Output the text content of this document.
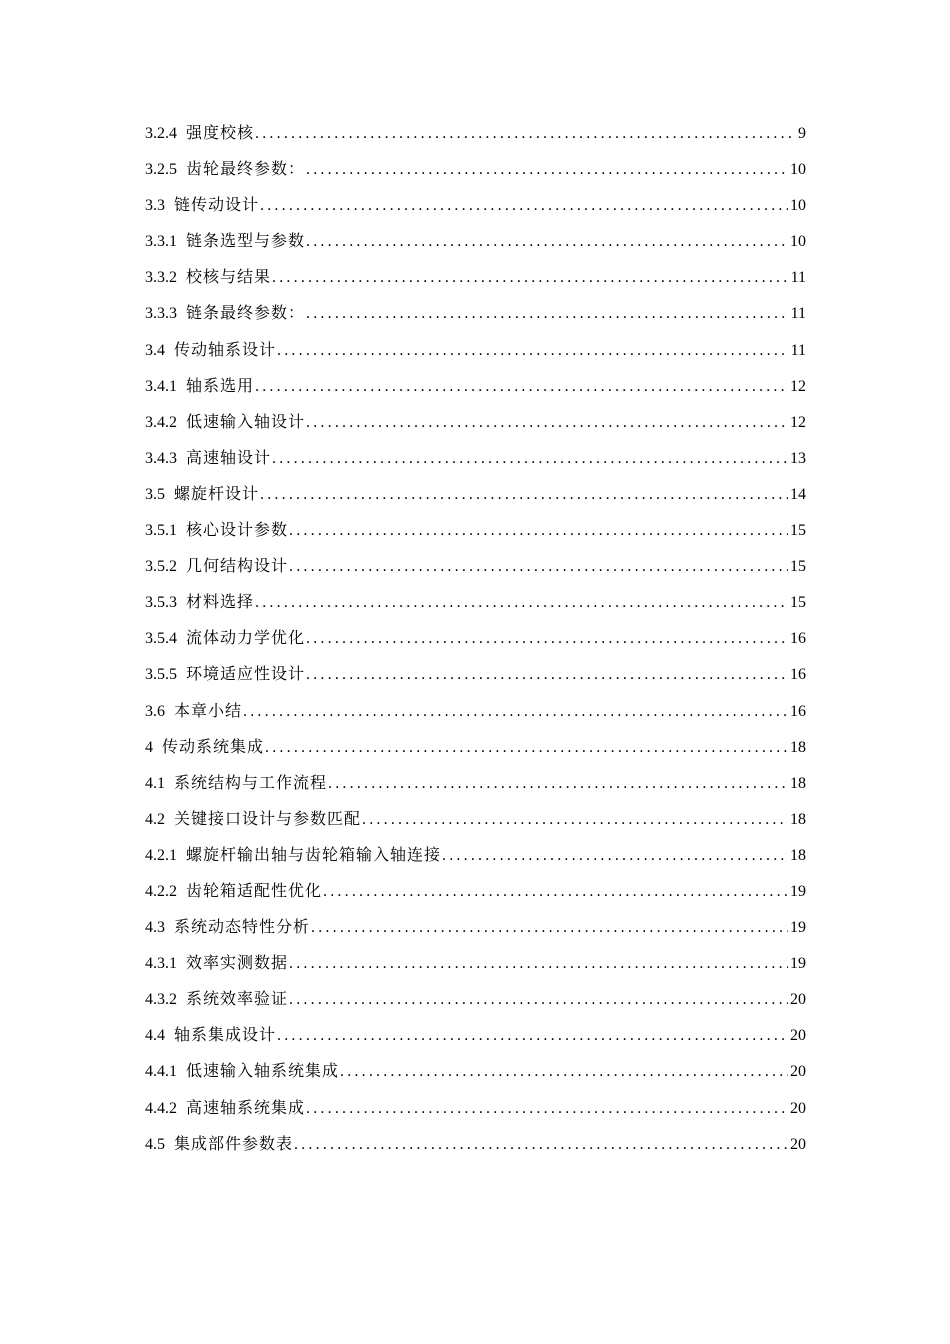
3.2.4 强度校核 .....	9
3.2.5 齿轮最终参数： .....	10
3.3 链传动设计 .....	10
3.3.1 链条选型与参数 .....	10
3.3.2 校核与结果 .....	11
3.3.3 链条最终参数： .....	11
3.4 传动轴系设计 .....	11
3.4.1 轴系选用 .....	12
3.4.2 低速输入轴设计 .....	12
3.4.3 高速轴设计 .....	13
3.5 螺旋杆设计 .....	14
3.5.1 核心设计参数 .....	15
3.5.2 几何结构设计 .....	15
3.5.3 材料选择 .....	15
3.5.4 流体动力学优化 .....	16
3.5.5 环境适应性设计 .....	16
3.6 本章小结 .....	16
4 传动系统集成 .....	18
4.1 系统结构与工作流程 .....	18
4.2 关键接口设计与参数匹配 .....	18
4.2.1 螺旋杆输出轴与齿轮箱输入轴连接 .....	18
4.2.2 齿轮箱适配性优化 .....	19
4.3 系统动态特性分析 .....	19
4.3.1 效率实测数据 .....	19
4.3.2 系统效率验证 .....	20
4.4 轴系集成设计 .....	20
4.4.1 低速输入轴系统集成 .....	20
4.4.2 高速轴系统集成 .....	20
4.5 集成部件参数表 .....	20
